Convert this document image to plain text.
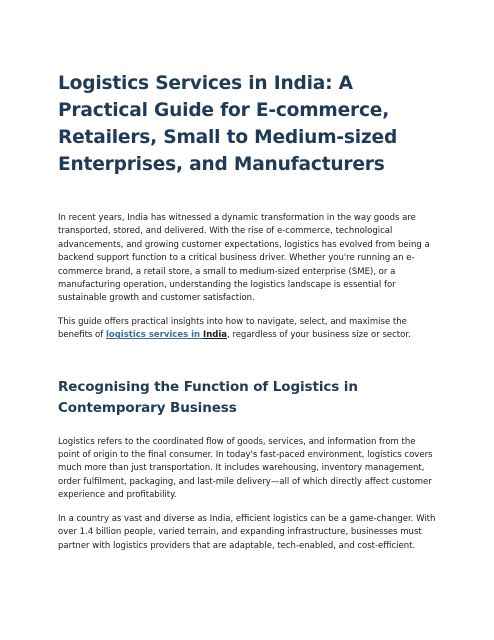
Logistics Services in India: A Practical Guide for E-commerce, Retailers, Small to Medium-sized Enterprises, and Manufacturers

In recent years, India has witnessed a dynamic transformation in the way goods are transported, stored, and delivered. With the rise of e-commerce, technological advancements, and growing customer expectations, logistics has evolved from being a backend support function to a critical business driver. Whether you're running an e-commerce brand, a retail store, a small to medium-sized enterprise (SME), or a manufacturing operation, understanding the logistics landscape is essential for sustainable growth and customer satisfaction.

This guide offers practical insights into how to navigate, select, and maximise the benefits of logistics services in India, regardless of your business size or sector.

Recognising the Function of Logistics in Contemporary Business

Logistics refers to the coordinated flow of goods, services, and information from the point of origin to the final consumer. In today's fast-paced environment, logistics covers much more than just transportation. It includes warehousing, inventory management, order fulfilment, packaging, and last-mile delivery—all of which directly affect customer experience and profitability.

In a country as vast and diverse as India, efficient logistics can be a game-changer. With over 1.4 billion people, varied terrain, and expanding infrastructure, businesses must partner with logistics providers that are adaptable, tech-enabled, and cost-efficient.
